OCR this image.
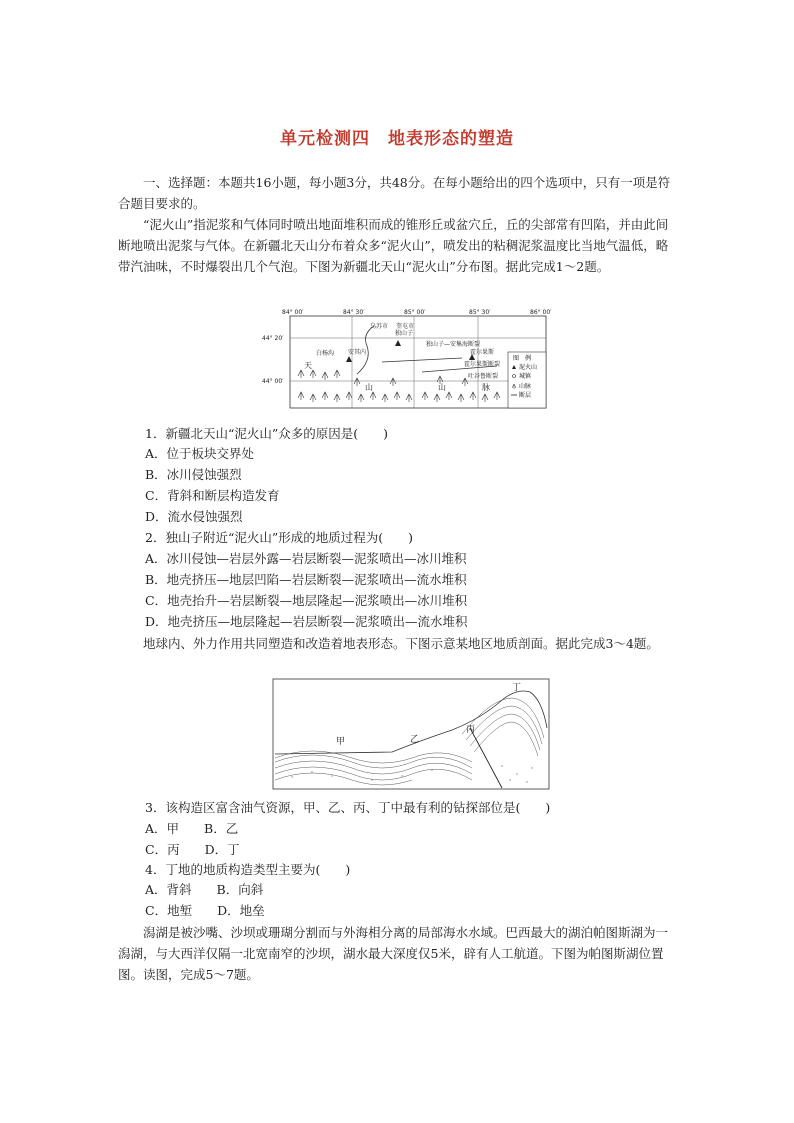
单元检测四　地表形态的塑造

一、选择题：本题共16小题，每小题3分，共48分。在每小题给出的四个选项中，只有一项是符合题目要求的。

“泥火山”指泥浆和气体同时喷出地面堆积而成的锥形丘或盆穴丘，丘的尖部常有凹陷，并由此间断地喷出泥浆与气体。在新疆北天山分布着众多“泥火山”，喷发出的粘稠泥浆温度比当地气温低，略带汽油味，不时爆裂出几个气泡。下图为新疆北天山“泥火山”分布图。据此完成1～2题。

84° 00′	84° 30′	85° 00′	85° 30′	86° 00′
44° 20′
44° 00′
乌苏市 奎屯市
独山子
白杨沟 安其内
独山子—安集海断裂
霍尔果斯
霍尔果斯断裂
吐谷鲁断裂
天
山	山	脉
图　例
泥火山
城镇
山脉
断层

1．新疆北天山“泥火山”众多的原因是(　　)

A．位于板块交界处

B．冰川侵蚀强烈

C．背斜和断层构造发育

D．流水侵蚀强烈

2．独山子附近“泥火山”形成的地质过程为(　　)

A．冰川侵蚀—岩层外露—岩层断裂—泥浆喷出—冰川堆积

B．地壳挤压—地层凹陷—岩层断裂—泥浆喷出—流水堆积

C．地壳抬升—岩层断裂—地层隆起—泥浆喷出—冰川堆积

D．地壳挤压—地层隆起—岩层断裂—泥浆喷出—流水堆积

地球内、外力作用共同塑造和改造着地表形态。下图示意某地区地质剖面。据此完成3～4题。

甲	乙
丙
丁

3．该构造区富含油气资源，甲、乙、丙、丁中最有利的钻探部位是(　　)

A．甲　　B．乙

C．丙　　D．丁

4．丁地的地质构造类型主要为(　　)

A．背斜　　B．向斜

C．地堑　　D．地垒

潟湖是被沙嘴、沙坝或珊瑚分割而与外海相分离的局部海水水域。巴西最大的湖泊帕图斯湖为一潟湖，与大西洋仅隔一北宽南窄的沙坝，湖水最大深度仅5米，辟有人工航道。下图为帕图斯湖位置图。读图，完成5～7题。
